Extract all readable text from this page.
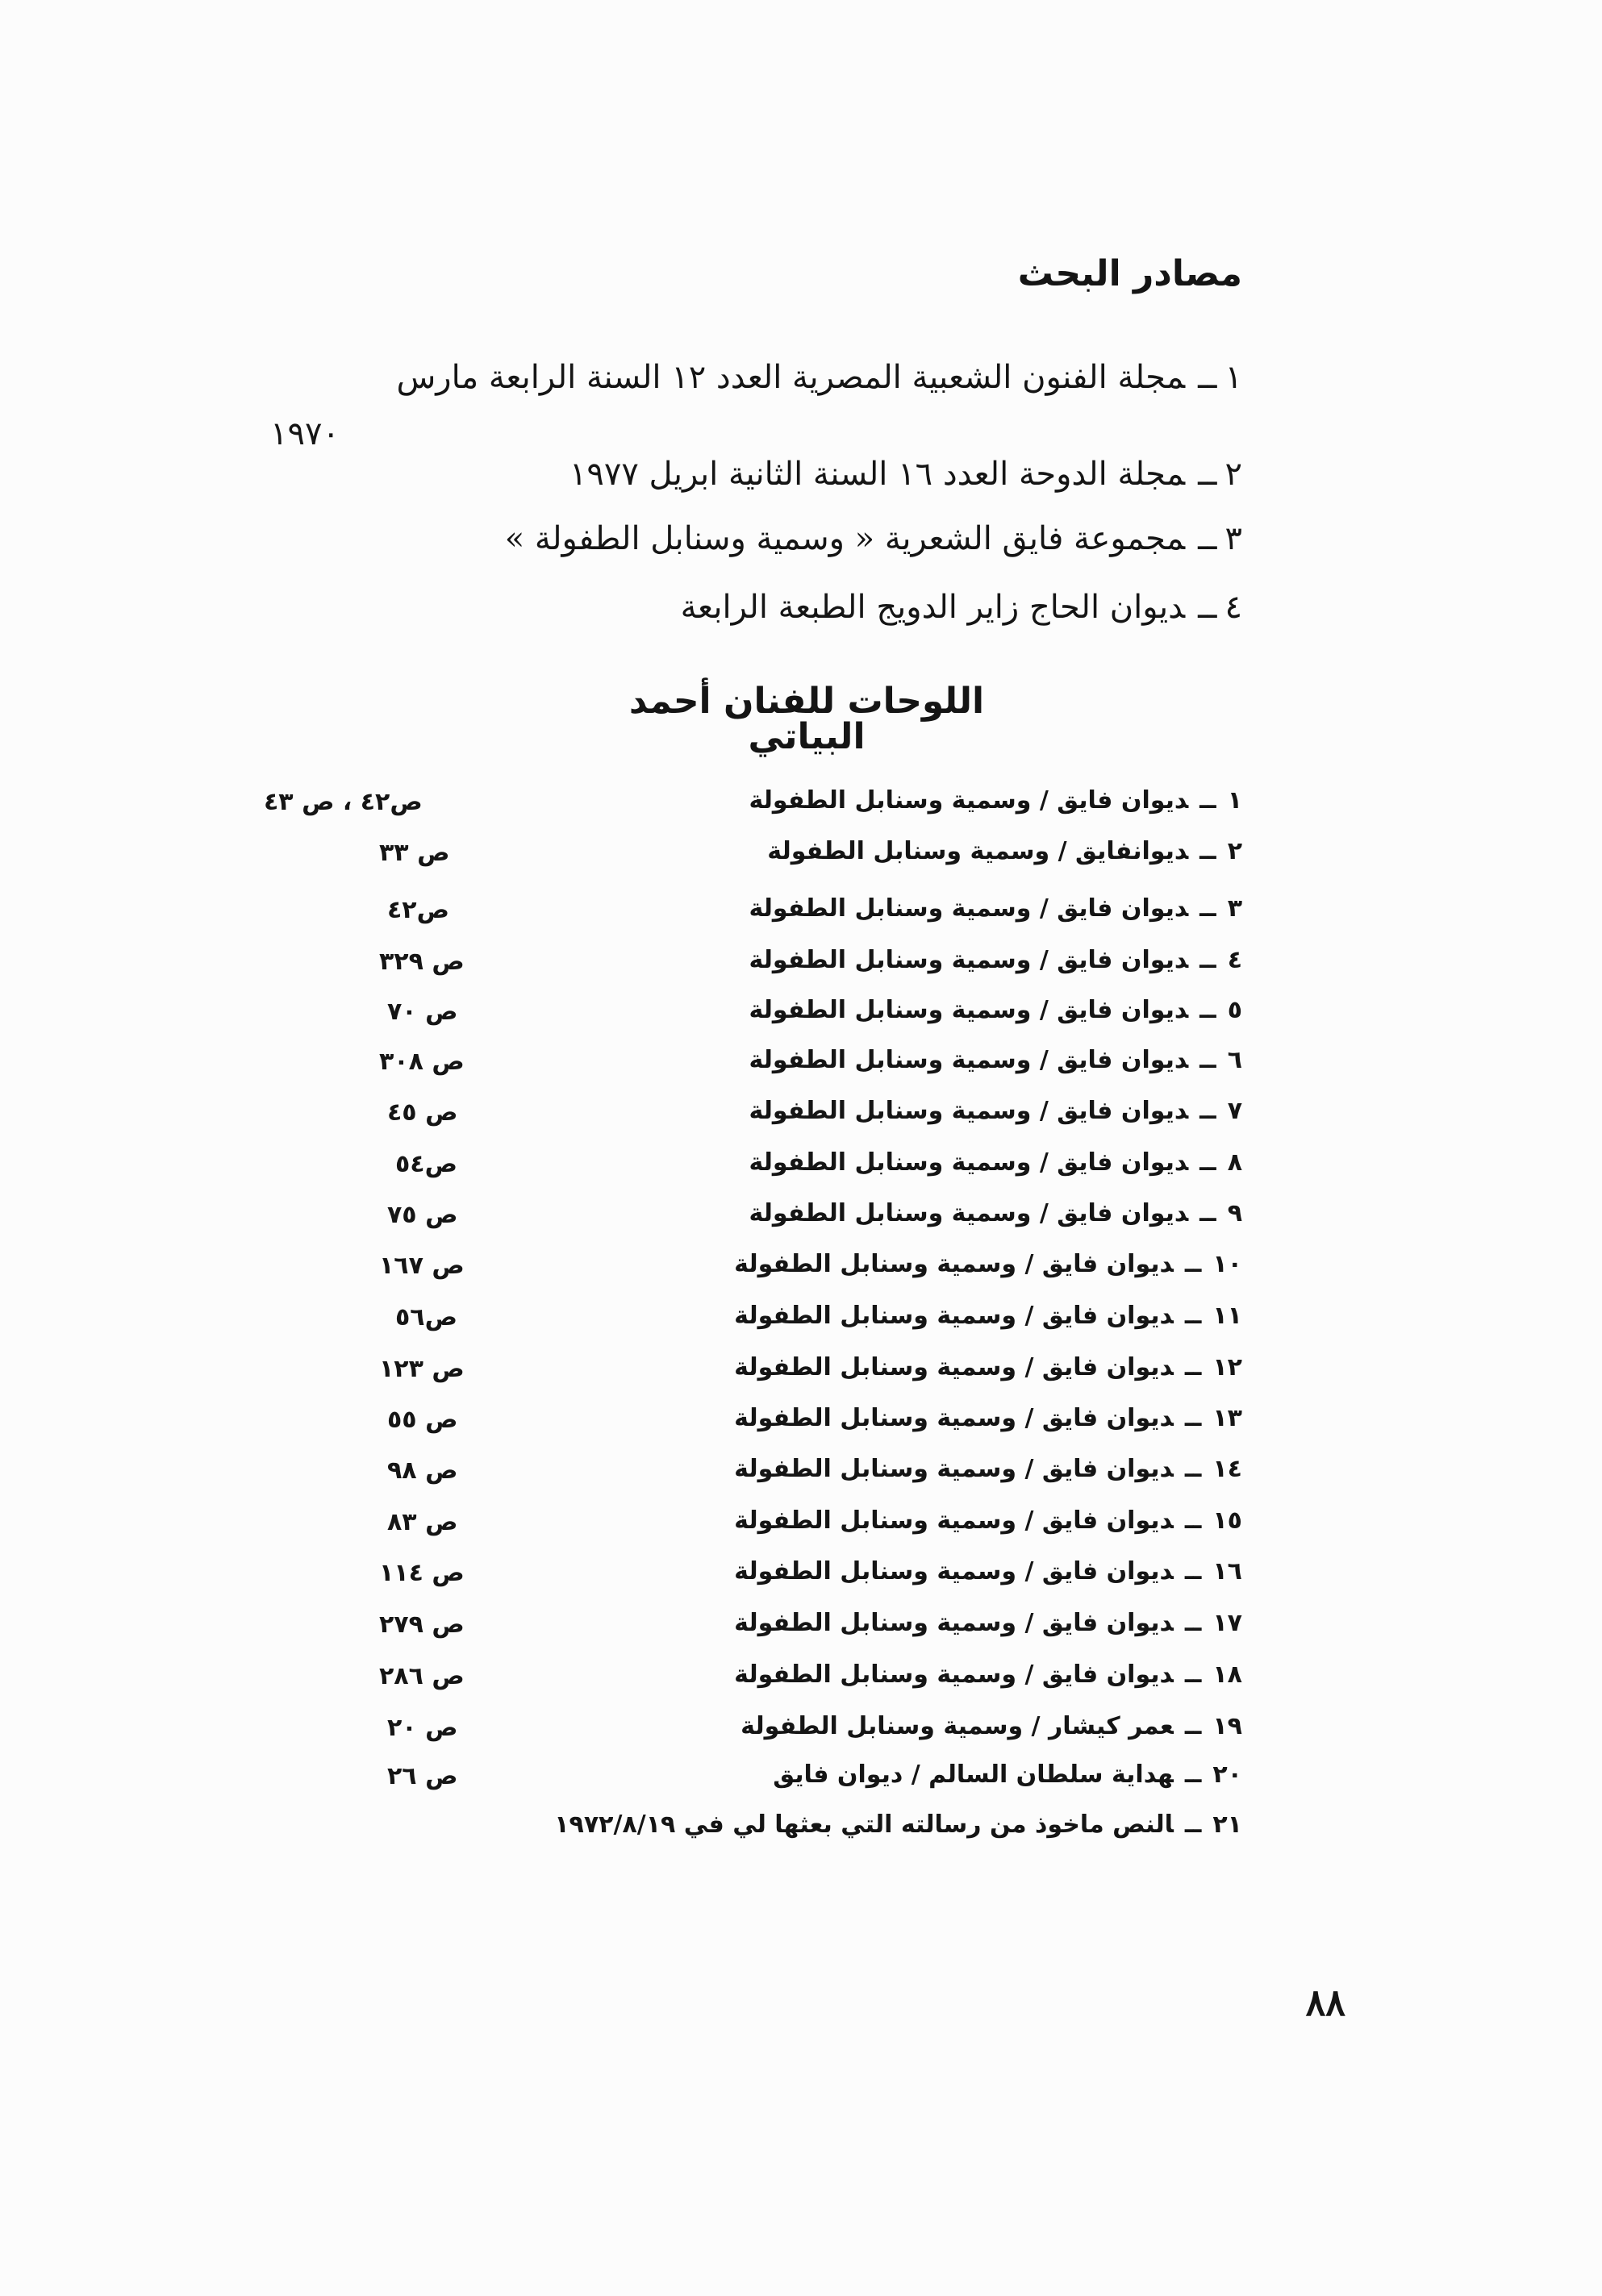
مصادر البحث
١ــمجلة الفنون الشعبية المصرية العدد ١٢ السنة الرابعة مارس
١٩٧٠
٢ــمجلة الدوحة العدد ١٦ السنة الثانية ابريل ١٩٧٧
٣ــمجموعة فايق الشعرية « وسمية وسنابل الطفولة »
٤ــديوان الحاج زاير الدويج الطبعة الرابعة
اللوحات للفنان أحمد البياتي
١ــديوان فايق / وسمية وسنابل الطفولة
ص٤٢ ، ص ٤٣
٢ــديوانفايق / وسمية وسنابل الطفولة
ص ٣٣
٣ــديوان فايق / وسمية وسنابل الطفولة
ص٤٢
٤ــديوان فايق / وسمية وسنابل الطفولة
ص ٣٢٩
٥ــديوان فايق / وسمية وسنابل الطفولة
ص ٧٠
٦ــديوان فايق / وسمية وسنابل الطفولة
ص ٣٠٨
٧ــديوان فايق / وسمية وسنابل الطفولة
ص ٤٥
٨ــديوان فايق / وسمية وسنابل الطفولة
ص٥٤
٩ــديوان فايق / وسمية وسنابل الطفولة
ص ٧٥
١٠ــديوان فايق / وسمية وسنابل الطفولة
ص ١٦٧
١١ــديوان فايق / وسمية وسنابل الطفولة
ص٥٦
١٢ــديوان فايق / وسمية وسنابل الطفولة
ص ١٢٣
١٣ــديوان فايق / وسمية وسنابل الطفولة
ص ٥٥
١٤ــديوان فايق / وسمية وسنابل الطفولة
ص ٩٨
١٥ــديوان فايق / وسمية وسنابل الطفولة
ص ٨٣
١٦ــديوان فايق / وسمية وسنابل الطفولة
ص ١١٤
١٧ــديوان فايق / وسمية وسنابل الطفولة
ص ٢٧٩
١٨ــديوان فايق / وسمية وسنابل الطفولة
ص ٢٨٦
١٩ــعمر كيشار / وسمية وسنابل الطفولة
ص ٢٠
٢٠ــهداية سلطان السالم / ديوان فايق
ص ٢٦
٢١ــالنص ماخوذ من رسالته التي بعثها لي في ١٩٧٢/٨/١٩
٨٨
